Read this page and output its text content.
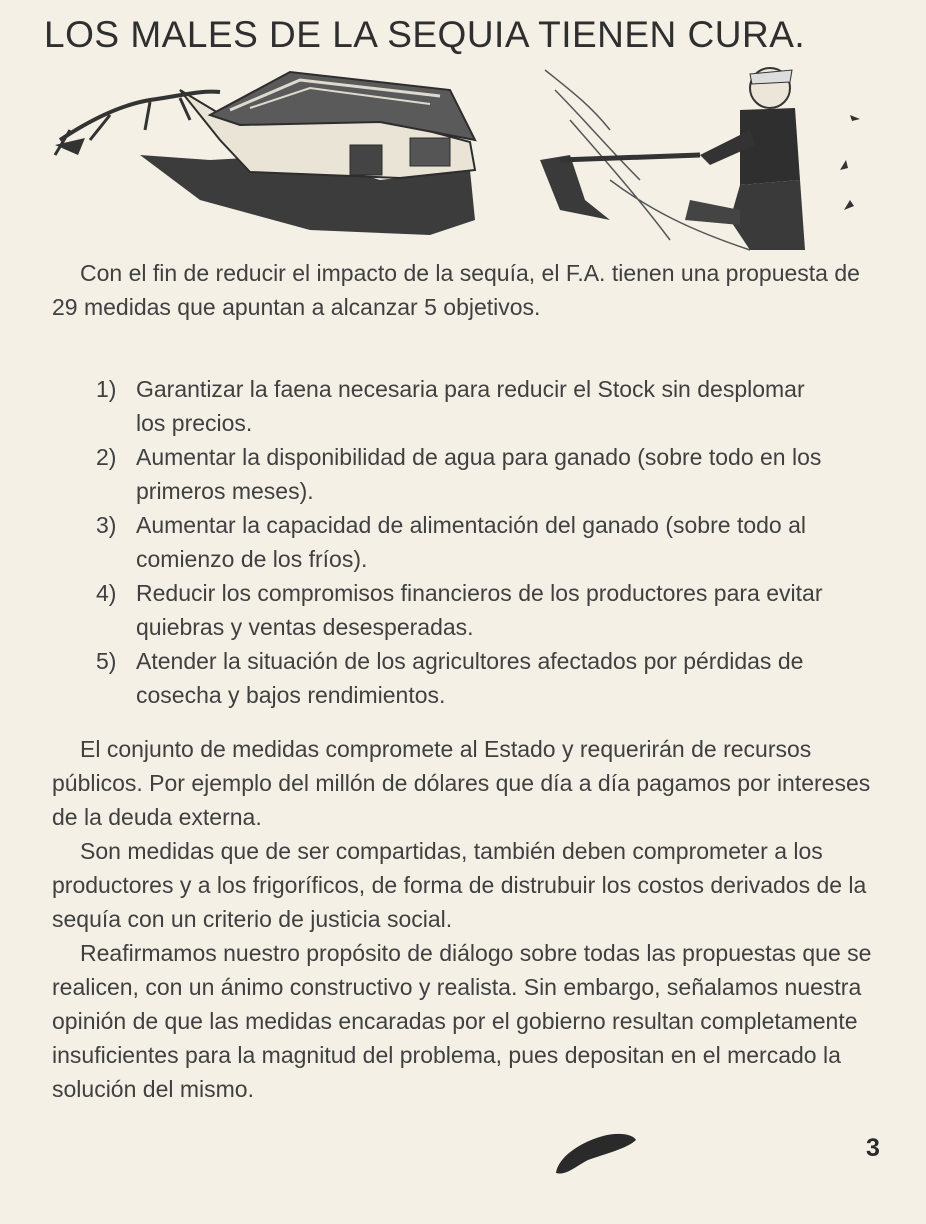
LOS MALES DE LA SEQUIA TIENEN CURA.

Con el fin de reducir el impacto de la sequía, el F.A. tienen una propuesta de 29 medidas que apuntan a alcanzar 5 objetivos.

1) Garantizar la faena necesaria para reducir el Stock sin desplomar los precios.
2) Aumentar la disponibilidad de agua para ganado (sobre todo en los primeros meses).
3) Aumentar la capacidad de alimentación del ganado (sobre todo al comienzo de los fríos).
4) Reducir los compromisos financieros de los productores para evitar quiebras y ventas desesperadas.
5) Atender la situación de los agricultores afectados por pérdidas de cosecha y bajos rendimientos.

El conjunto de medidas compromete al Estado y requerirán de recursos públicos. Por ejemplo del millón de dólares que día a día pagamos por intereses de la deuda externa.

Son medidas que de ser compartidas, también deben comprometer a los productores y a los frigoríficos, de forma de distrubuir los costos derivados de la sequía con un criterio de justicia social.

Reafirmamos nuestro propósito de diálogo sobre todas las propuestas que se realicen, con un ánimo constructivo y realista. Sin embargo, señalamos nuestra opinión de que las medidas encaradas por el gobierno resultan completamente insuficientes para la magnitud del problema, pues depositan en el mercado la solución del mismo.

3
